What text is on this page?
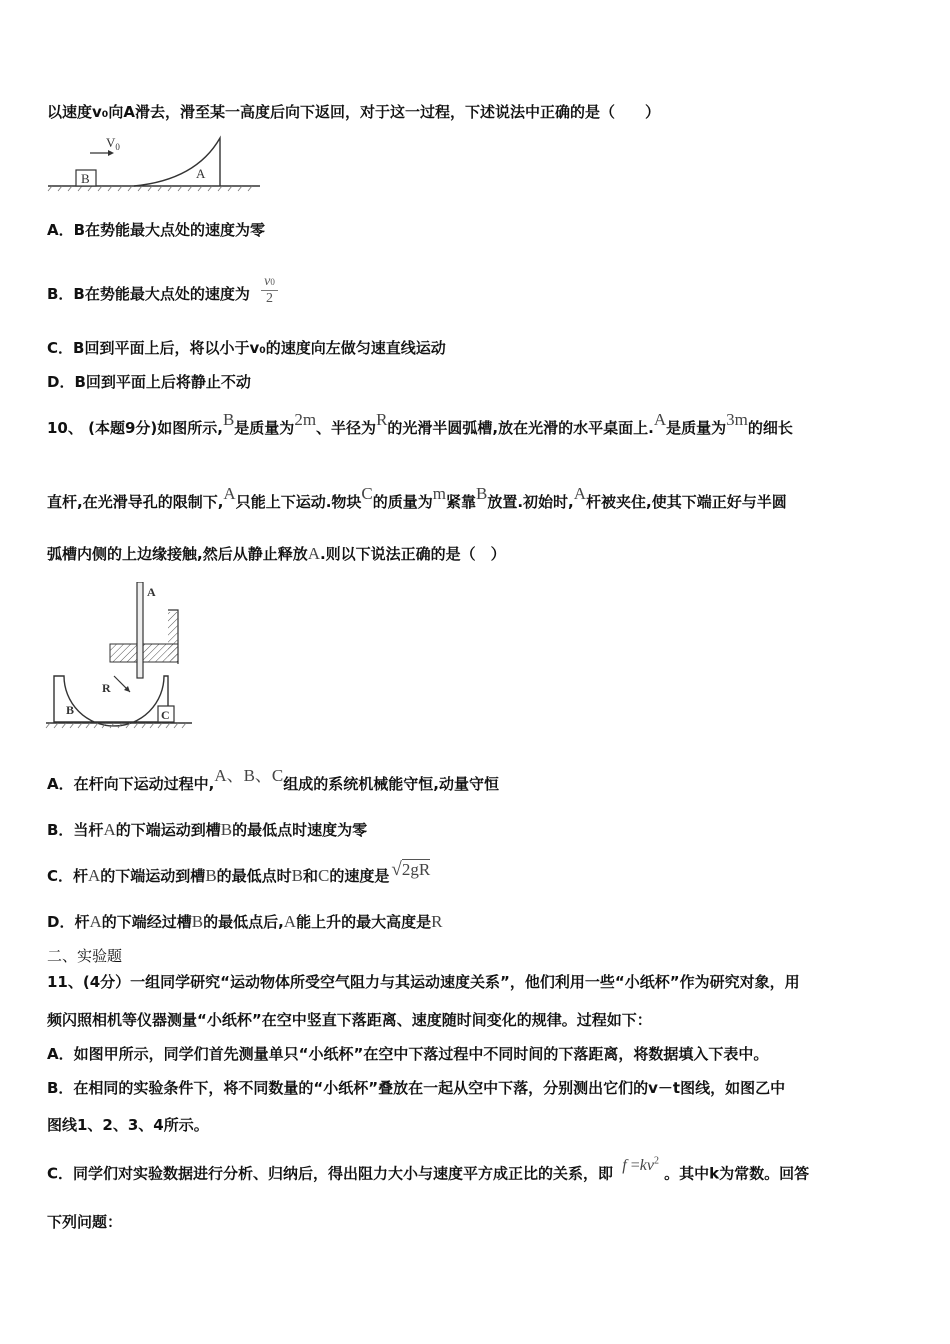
以速度v₀向A滑去，滑至某一高度后向下返回，对于这一过程，下述说法中正确的是（　　）
B
$V_0$
A
A．B在势能最大点处的速度为零
B．B在势能最大点处的速度为 $\frac{v0}{2}$
C．B回到平面上后，将以小于v₀的速度向左做匀速直线运动
D．B回到平面上后将静止不动
10、 (本题9分)如图所示,B是质量为2m、半径为R的光滑半圆弧槽,放在光滑的水平桌面上.A是质量为3m的细长
直杆,在光滑导孔的限制下,A只能上下运动.物块C的质量为m紧靠B放置.初始时,A杆被夹住,使其下端正好与半圆
弧槽内侧的上边缘接触,然后从静止释放A.则以下说法正确的是（　）
A
B
R
C
A．在杆向下运动过程中,A、B、C组成的系统机械能守恒,动量守恒
B．当杆A的下端运动到槽B的最低点时速度为零
C．杆A的下端运动到槽B的最低点时B和C的速度是 √2gR
D．杆A的下端经过槽B的最低点后,A能上升的最大高度是R
二、实验题
11、(4分）一组同学研究“运动物体所受空气阻力与其运动速度关系”，他们利用一些“小纸杯”作为研究对象，用
频闪照相机等仪器测量“小纸杯”在空中竖直下落距离、速度随时间变化的规律。过程如下：
A．如图甲所示，同学们首先测量单只“小纸杯”在空中下落过程中不同时间的下落距离，将数据填入下表中。
B．在相同的实验条件下，将不同数量的“小纸杯”叠放在一起从空中下落，分别测出它们的v－t图线，如图乙中
图线1、2、3、4所示。
C．同学们对实验数据进行分析、归纳后，得出阻力大小与速度平方成正比的关系，即 $f =kv^2$ 。其中k为常数。回答
下列问题：
